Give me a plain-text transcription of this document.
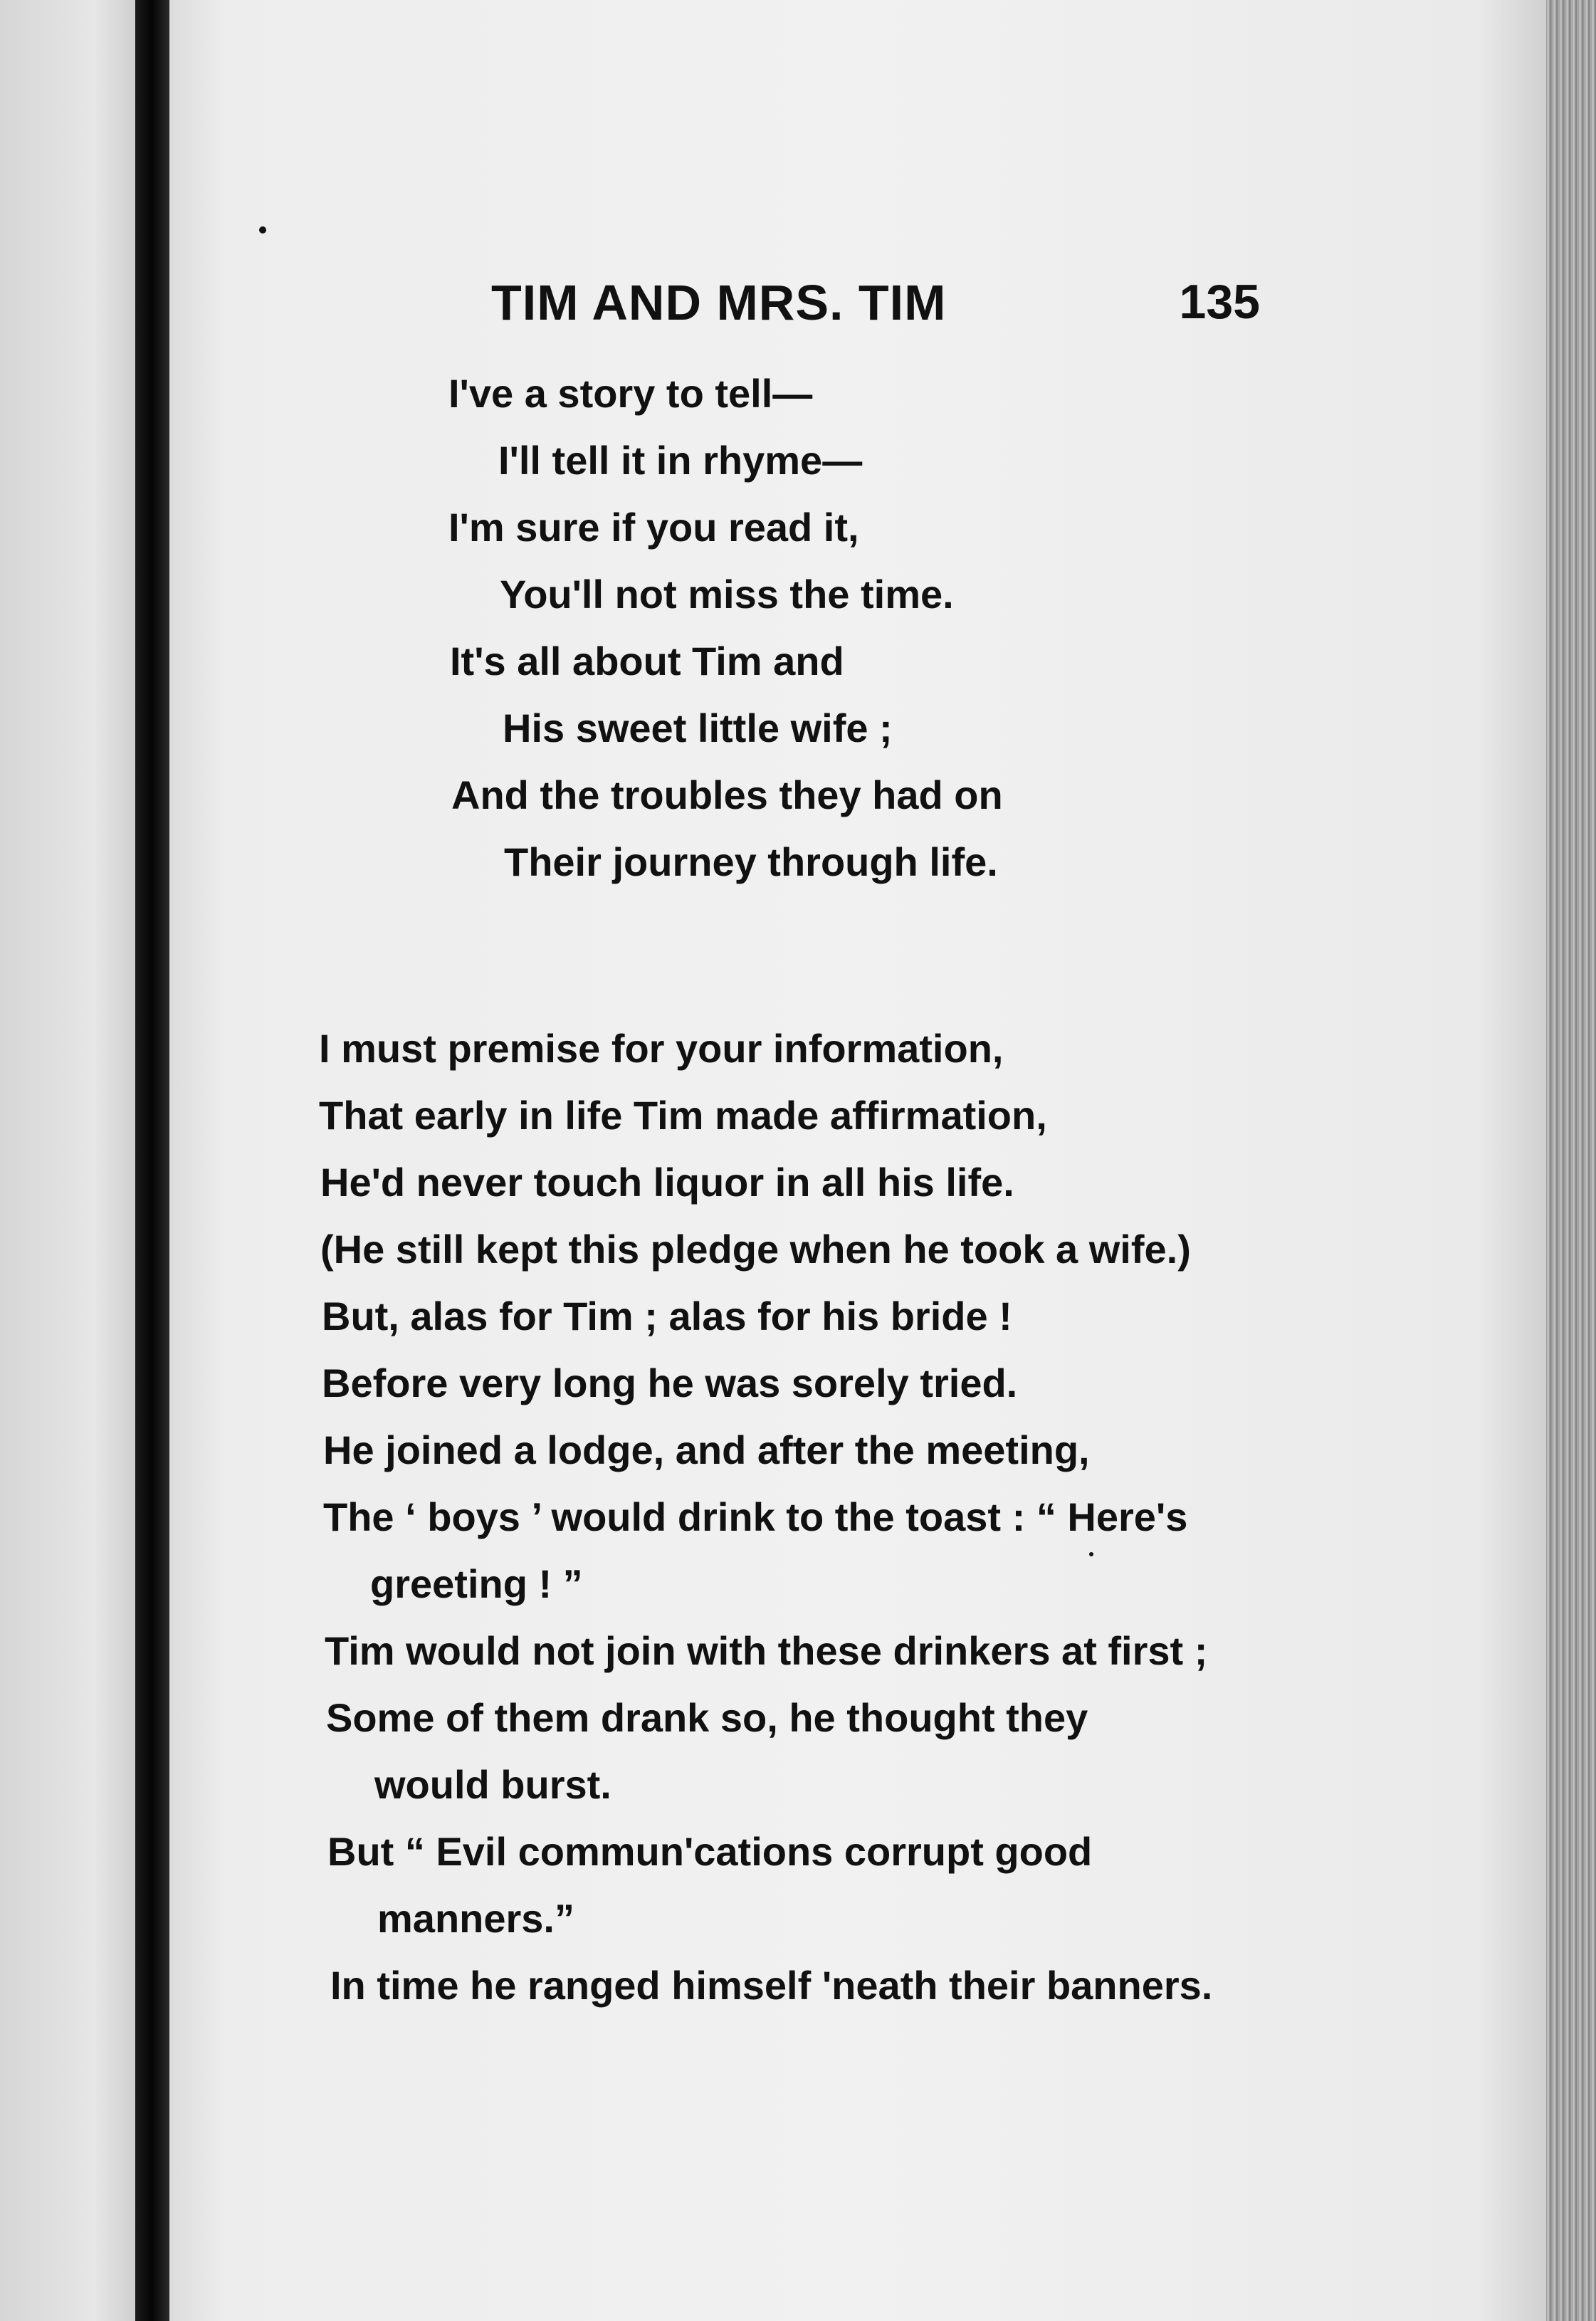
TIM AND MRS. TIM	135
I've a story to tell—
I'll tell it in rhyme—
I'm sure if you read it,
You'll not miss the time.
It's all about Tim and
His sweet little wife ;
And the troubles they had on
Their journey through life.
I must premise for your information,
That early in life Tim made affirmation,
He'd never touch liquor in all his life.
(He still kept this pledge when he took a wife.)
But, alas for Tim ; alas for his bride !
Before very long he was sorely tried.
He joined a lodge, and after the meeting,
The ‘ boys ’ would drink to the toast : “ Here's
greeting ! ”
Tim would not join with these drinkers at first ;
Some of them drank so, he thought they
would burst.
But “ Evil commun'cations corrupt good
manners.”
In time he ranged himself 'neath their banners.
